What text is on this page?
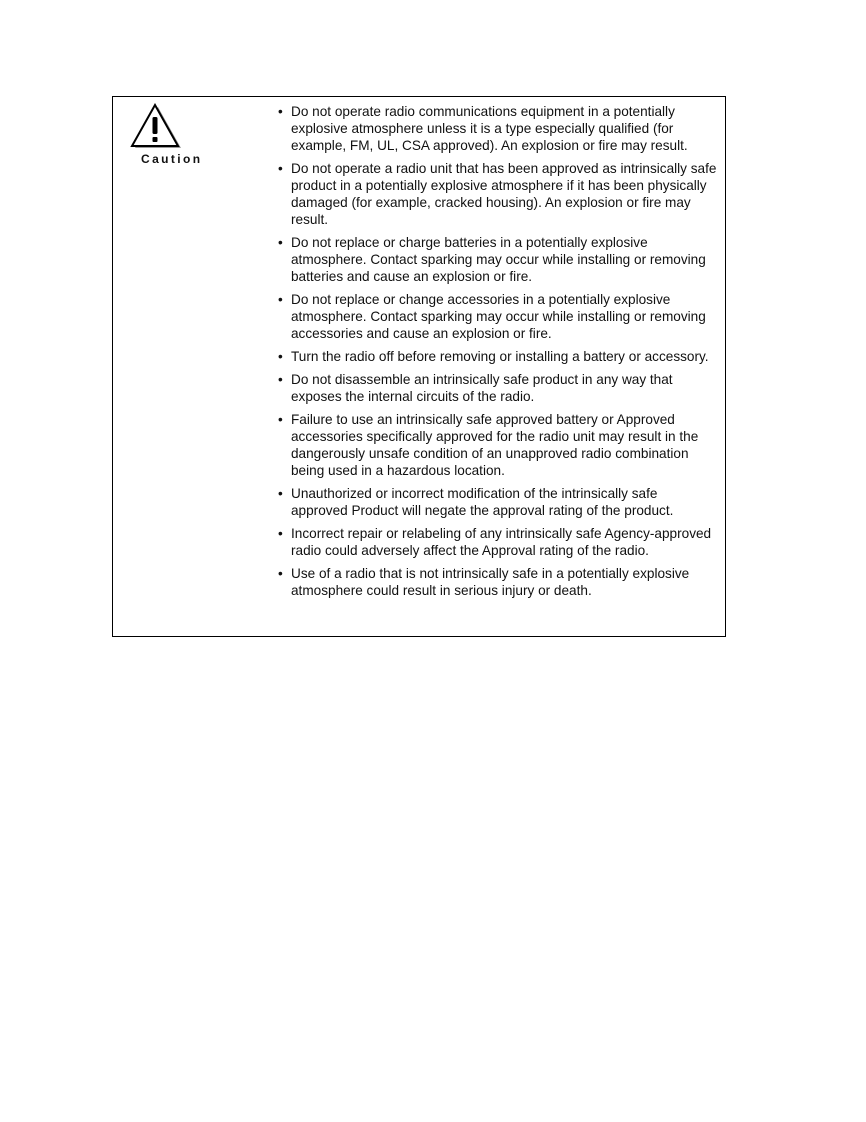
Caution
• Do not operate radio communications equipment in a potentially explosive atmosphere unless it is a type especially qualified (for example, FM, UL, CSA approved). An explosion or fire may result.
• Do not operate a radio unit that has been approved as intrinsically safe product in a potentially explosive atmosphere if it has been physically damaged (for example, cracked housing). An explosion or fire may result.
• Do not replace or charge batteries in a potentially explosive atmosphere. Contact sparking may occur while installing or removing batteries and cause an explosion or fire.
• Do not replace or change accessories in a potentially explosive atmosphere. Contact sparking may occur while installing or removing accessories and cause an explosion or fire.
• Turn the radio off before removing or installing a battery or accessory.
• Do not disassemble an intrinsically safe product in any way that exposes the internal circuits of the radio.
• Failure to use an intrinsically safe approved battery or Approved accessories specifically approved for the radio unit may result in the dangerously unsafe condition of an unapproved radio combination being used in a hazardous location.
• Unauthorized or incorrect modification of the intrinsically safe approved Product will negate the approval rating of the product.
• Incorrect repair or relabeling of any intrinsically safe Agency-approved radio could adversely affect the Approval rating of the radio.
• Use of a radio that is not intrinsically safe in a potentially explosive atmosphere could result in serious injury or death.
